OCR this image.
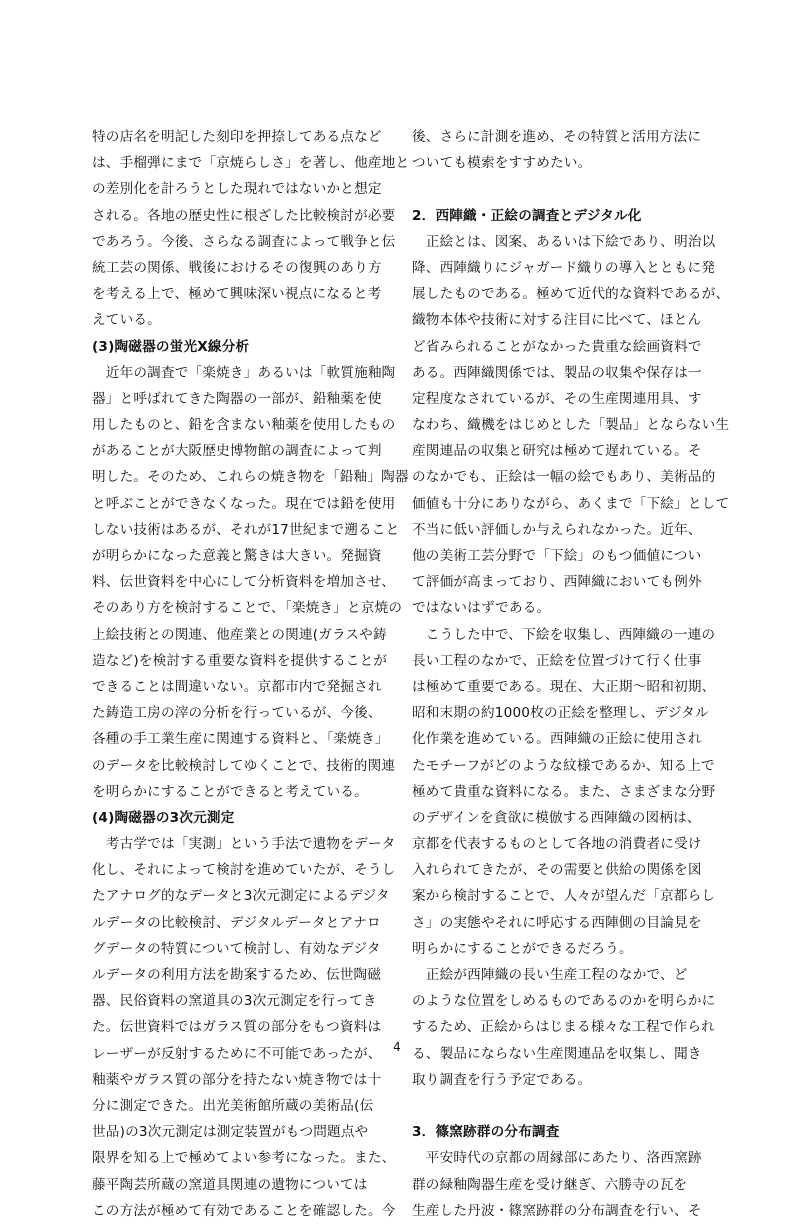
特の店名を明記した刻印を押捺してある点など
は、手榴弾にまで「京焼らしさ」を著し、他産地と
の差別化を計ろうとした現れではないかと想定
される。各地の歴史性に根ざした比較検討が必要
であろう。今後、さらなる調査によって戦争と伝
統工芸の関係、戦後におけるその復興のあり方
を考える上で、極めて興味深い視点になると考
えている。
(3)陶磁器の蛍光X線分析
　近年の調査で「楽焼き」あるいは「軟質施釉陶
器」と呼ばれてきた陶器の一部が、鉛釉薬を使
用したものと、鉛を含まない釉薬を使用したもの
があることが大阪歴史博物館の調査によって判
明した。そのため、これらの焼き物を「鉛釉」陶器
と呼ぶことができなくなった。現在では鉛を使用
しない技術はあるが、それが17世紀まで遡ること
が明らかになった意義と驚きは大きい。発掘資
料、伝世資料を中心にして分析資料を増加させ、
そのあり方を検討することで、「楽焼き」と京焼の
上絵技術との関連、他産業との関連(ガラスや鋳
造など)を検討する重要な資料を提供することが
できることは間違いない。京都市内で発掘され
た鋳造工房の滓の分析を行っているが、今後、
各種の手工業生産に関連する資料と、「楽焼き」
のデータを比較検討してゆくことで、技術的関連
を明らかにすることができると考えている。
(4)陶磁器の3次元測定
　考古学では「実測」という手法で遺物をデータ
化し、それによって検討を進めていたが、そうし
たアナログ的なデータと3次元測定によるデジタ
ルデータの比較検討、デジタルデータとアナロ
グデータの特質について検討し、有効なデジタ
ルデータの利用方法を勘案するため、伝世陶磁
器、民俗資料の窯道具の3次元測定を行ってき
た。伝世資料ではガラス質の部分をもつ資料は
レーザーが反射するために不可能であったが、
釉薬やガラス質の部分を持たない焼き物では十
分に測定できた。出光美術館所蔵の美術品(伝
世品)の3次元測定は測定装置がもつ問題点や
限界を知る上で極めてよい参考になった。また、
藤平陶芸所蔵の窯道具関連の遺物については
この方法が極めて有効であることを確認した。今
後、さらに計測を進め、その特質と活用方法に
ついても模索をすすめたい。
2．西陣織・正絵の調査とデジタル化
　正絵とは、図案、あるいは下絵であり、明治以
降、西陣織りにジャガード織りの導入とともに発
展したものである。極めて近代的な資料であるが、
織物本体や技術に対する注目に比べて、ほとん
ど省みられることがなかった貴重な絵画資料で
ある。西陣織関係では、製品の収集や保存は一
定程度なされているが、その生産関連用具、す
なわち、織機をはじめとした「製品」とならない生
産関連品の収集と研究は極めて遅れている。そ
のなかでも、正絵は一幅の絵でもあり、美術品的
価値も十分にありながら、あくまで「下絵」として
不当に低い評価しか与えられなかった。近年、
他の美術工芸分野で「下絵」のもつ価値につい
て評価が高まっており、西陣織においても例外
ではないはずである。
　こうした中で、下絵を収集し、西陣織の一連の
長い工程のなかで、正絵を位置づけて行く仕事
は極めて重要である。現在、大正期～昭和初期、
昭和末期の約1000枚の正絵を整理し、デジタル
化作業を進めている。西陣織の正絵に使用され
たモチーフがどのような紋様であるか、知る上で
極めて貴重な資料になる。また、さまざまな分野
のデザインを貪欲に模倣する西陣織の図柄は、
京都を代表するものとして各地の消費者に受け
入れられてきたが、その需要と供給の関係を図
案から検討することで、人々が望んだ「京都らし
さ」の実態やそれに呼応する西陣側の目論見を
明らかにすることができるだろう。
　正絵が西陣織の長い生産工程のなかで、ど
のような位置をしめるものであるのかを明らかに
するため、正絵からはじまる様々な工程で作られ
る、製品にならない生産関連品を収集し、聞き
取り調査を行う予定である。
3．篠窯跡群の分布調査
　平安時代の京都の周縁部にあたり、洛西窯跡
群の緑釉陶器生産を受け継ぎ、六勝寺の瓦を
生産した丹波・篠窯跡群の分布調査を行い、そ
4
